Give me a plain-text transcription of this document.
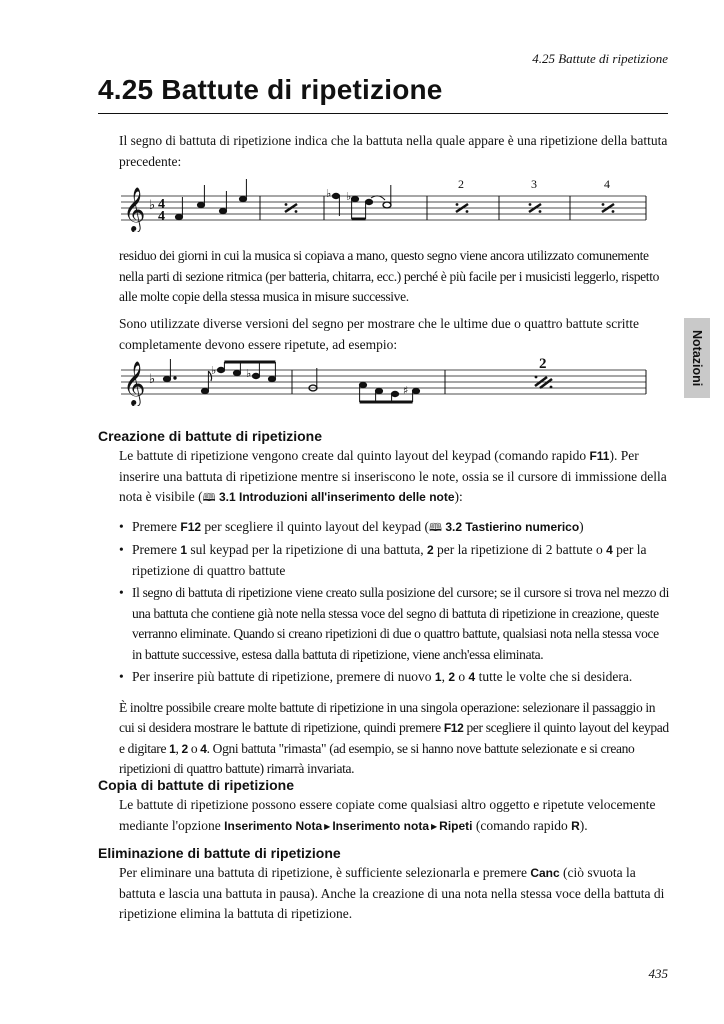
4.25 Battute di ripetizione
4.25 Battute di ripetizione
Notazioni

Il segno di battuta di ripetizione indica che la battuta nella quale appare è una ripetizione della battuta precedente:

𝄞 ♭ 4
4
♭ ♭
2	3	4

residuo dei giorni in cui la musica si copiava a mano, questo segno viene ancora utilizzato comunemente nella parti di sezione ritmica (per batteria, chitarra, ecc.) perché è più facile per i musicisti leggerlo, rispetto alle molte copie della stessa musica in misure successive.

Sono utilizzate diverse versioni del segno per mostrare che le ultime due o quattro battute scritte completamente devono essere ripetute, ad esempio:

𝄞 ♭
♭	♭
♯
2
Creazione di battute di ripetizione

Le battute di ripetizione vengono create dal quinto layout del keypad (comando rapido F11). Per inserire una battuta di ripetizione mentre si inseriscono le note, ossia se il cursore di immissione della nota è visibile (🕮 3.1 Introduzioni all'inserimento delle note):

• Premere F12 per scegliere il quinto layout del keypad (🕮 3.2 Tastierino numerico)
• Premere 1 sul keypad per la ripetizione di una battuta, 2 per la ripetizione di 2 battute o 4 per la ripetizione di quattro battute
• Il segno di battuta di ripetizione viene creato sulla posizione del cursore; se il cursore si trova nel mezzo di una battuta che contiene già note nella stessa voce del segno di battuta di ripetizione in creazione, queste verranno eliminate. Quando si creano ripetizioni di due o quattro battute, qualsiasi nota nella stessa voce in battute successive, estesa dalla battuta di ripetizione, viene anch'essa eliminata.
• Per inserire più battute di ripetizione, premere di nuovo 1, 2 o 4 tutte le volte che si desidera.

È inoltre possibile creare molte battute di ripetizione in una singola operazione: selezionare il passaggio in cui si desidera mostrare le battute di ripetizione, quindi premere F12 per scegliere il quinto layout del keypad e digitare 1, 2 o 4. Ogni battuta "rimasta" (ad esempio, se si hanno nove battute selezionate e si creano ripetizioni di quattro battute) rimarrà invariata.

Copia di battute di ripetizione

Le battute di ripetizione possono essere copiate come qualsiasi altro oggetto e ripetute velocemente mediante l'opzione Inserimento Nota ▶ Inserimento nota ▶ Ripeti (comando rapido R).

Eliminazione di battute di ripetizione

Per eliminare una battuta di ripetizione, è sufficiente selezionarla e premere Canc (ciò svuota la battuta e lascia una battuta in pausa). Anche la creazione di una nota nella stessa voce della battuta di ripetizione elimina la battuta di ripetizione.

435
